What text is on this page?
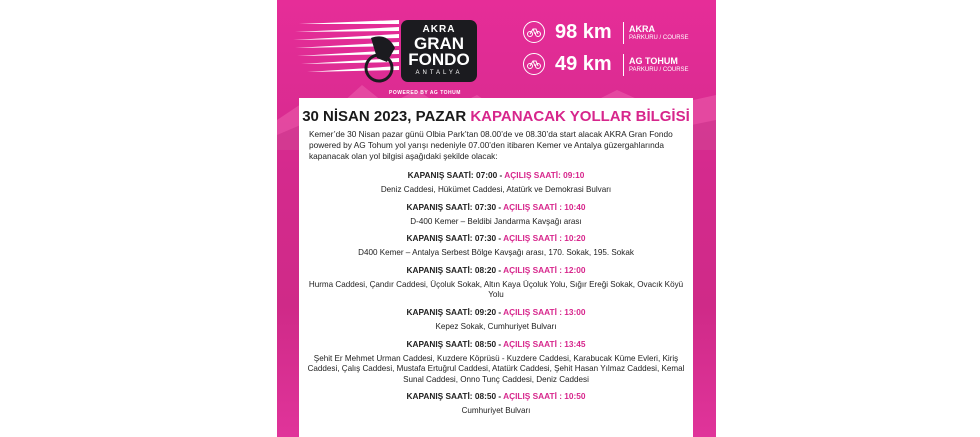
AKRA
GRAN
FONDO
ANTALYA
POWERED BY AG TOHUM
98 km AKRA
PARKURU / COURSE
49 km AG TOHUM
PARKURU / COURSE
30 NİSAN 2023, PAZAR KAPANACAK YOLLAR BİLGİSİ
Kemer’de 30 Nisan pazar günü Olbia Park’tan 08.00’de ve 08.30’da start alacak AKRA Gran Fondo powered by AG Tohum yol yarışı nedeniyle 07.00’den itibaren Kemer ve Antalya güzergahlarında kapanacak olan yol bilgisi aşağıdaki şekilde olacak:
KAPANIŞ SAATİ: 07:00 - AÇILIŞ SAATİ: 09:10
Deniz Caddesi, Hükümet Caddesi, Atatürk ve Demokrasi Bulvarı
KAPANIŞ SAATİ: 07:30 - AÇILIŞ SAATİ : 10:40
D-400 Kemer – Beldibi Jandarma Kavşağı arası
KAPANIŞ SAATİ: 07:30 - AÇILIŞ SAATİ : 10:20
D400 Kemer – Antalya Serbest Bölge Kavşağı arası, 170. Sokak, 195. Sokak
KAPANIŞ SAATİ: 08:20 - AÇILIŞ SAATİ : 12:00
Hurma Caddesi, Çandır Caddesi, Üçoluk Sokak, Altın Kaya Üçoluk Yolu, Sığır Ereği Sokak, Ovacık Köyü Yolu
KAPANIŞ SAATİ: 09:20 - AÇILIŞ SAATİ : 13:00
Kepez Sokak, Cumhuriyet Bulvarı
KAPANIŞ SAATİ: 08:50 - AÇILIŞ SAATİ : 13:45
Şehit Er Mehmet Urman Caddesi, Kuzdere Köprüsü - Kuzdere Caddesi, Karabucak Küme Evleri, Kiriş Caddesi, Çalış Caddesi, Mustafa Ertuğrul Caddesi, Atatürk Caddesi, Şehit Hasan Yılmaz Caddesi, Kemal Sunal Caddesi, Onno Tunç Caddesi, Deniz Caddesi
KAPANIŞ SAATİ: 08:50 - AÇILIŞ SAATİ : 10:50
Cumhuriyet Bulvarı
